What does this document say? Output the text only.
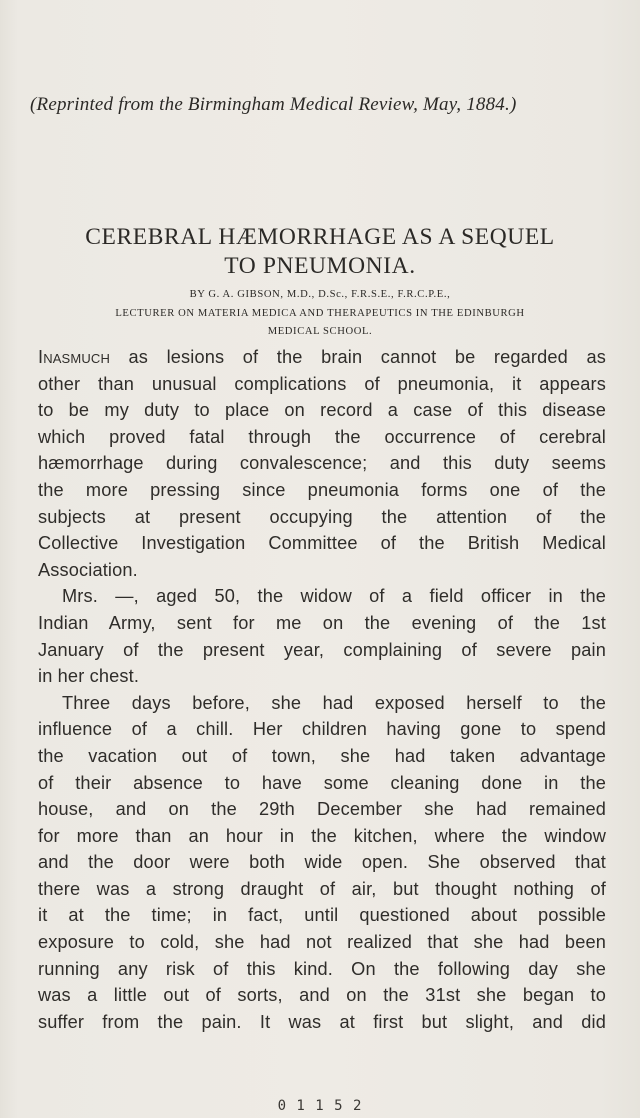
(Reprinted from the Birmingham Medical Review, May, 1884.)
CEREBRAL HÆMORRHAGE AS A SEQUEL
TO PNEUMONIA.
BY G. A. GIBSON, M.D., D.Sc., F.R.S.E., F.R.C.P.E.,
LECTURER ON MATERIA MEDICA AND THERAPEUTICS IN THE EDINBURGH
MEDICAL SCHOOL.
Inasmuch as lesions of the brain cannot be regarded as
other than unusual complications of pneumonia, it appears
to be my duty to place on record a case of this disease
which proved fatal through the occurrence of cerebral
hæmorrhage during convalescence; and this duty seems
the more pressing since pneumonia forms one of the
subjects at present occupying the attention of the
Collective Investigation Committee of the British Medical
Association.
Mrs. —, aged 50, the widow of a field officer in the
Indian Army, sent for me on the evening of the 1st
January of the present year, complaining of severe pain
in her chest.
Three days before, she had exposed herself to the
influence of a chill. Her children having gone to spend
the vacation out of town, she had taken advantage
of their absence to have some cleaning done in the
house, and on the 29th December she had remained
for more than an hour in the kitchen, where the window
and the door were both wide open. She observed that
there was a strong draught of air, but thought nothing of
it at the time; in fact, until questioned about possible
exposure to cold, she had not realized that she had been
running any risk of this kind. On the following day she
was a little out of sorts, and on the 31st she began to
suffer from the pain. It was at first but slight, and did
0 1 1 5 2
